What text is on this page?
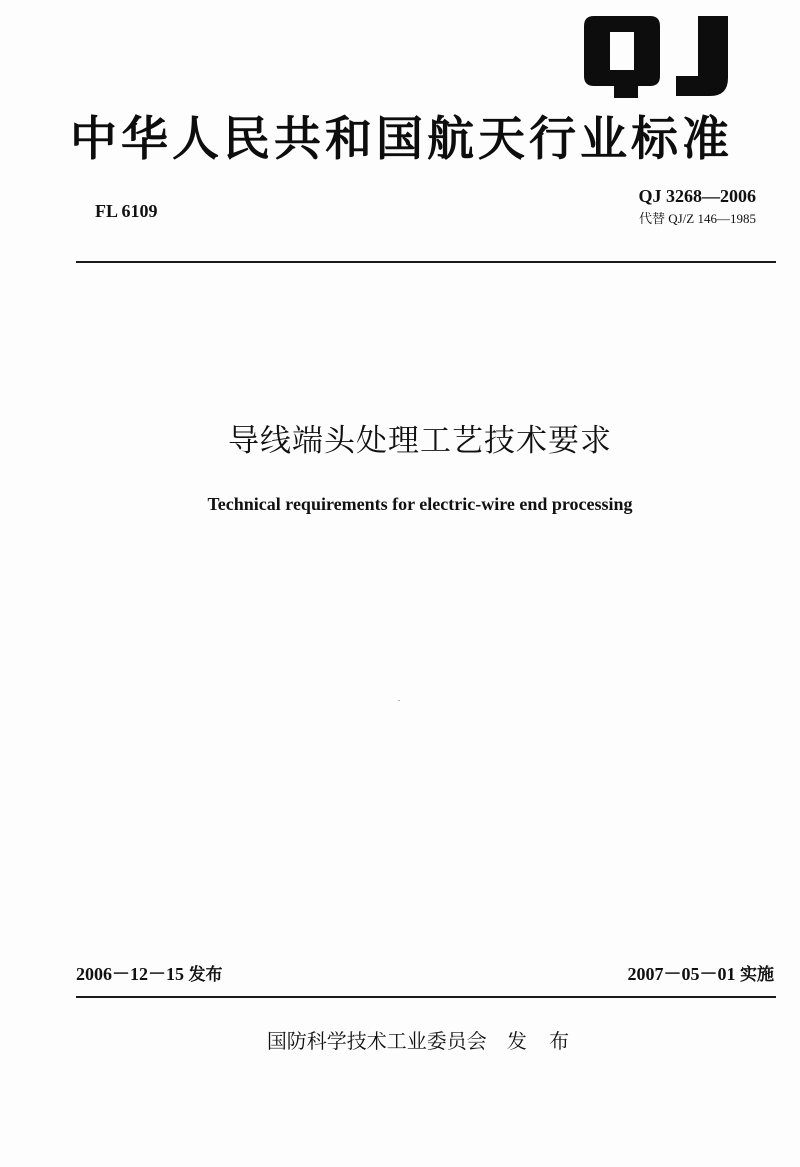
中华人民共和国航天行业标准
FL 6109
QJ 3268—2006
代替 QJ/Z 146—1985
导线端头处理工艺技术要求
Technical requirements for electric-wire end processing
2006－12－15 发布	2007－05－01 实施
国防科学技术工业委员会 发 布
